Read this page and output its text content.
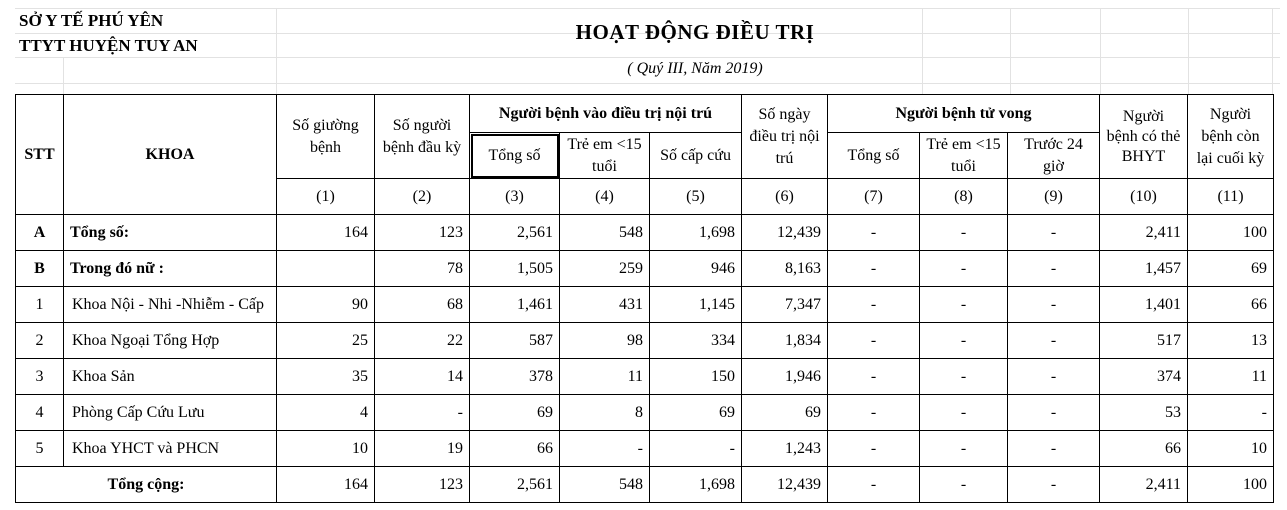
SỞ Y TẾ PHÚ YÊN
TTYT HUYỆN TUY AN
HOẠT ĐỘNG ĐIỀU TRỊ
( Quý III, Năm 2019)
STT	KHOA	Số giường bệnh	Số người bệnh đầu kỳ	Người bệnh vào điều trị nội trú			Số ngày điều trị nội trú	Người bệnh tử vong			Người bệnh có thẻ BHYT	Người bệnh còn lại cuối kỳ
				Tổng số	Trẻ em <15 tuổi	Số cấp cứu		Tổng số	Trẻ em <15 tuổi	Trước 24 giờ		
		(1)	(2)	(3)	(4)	(5)	(6)	(7)	(8)	(9)	(10)	(11)
A	Tổng số:	164	123	2,561	548	1,698	12,439	-	-	-	2,411	100
B	Trong đó nữ :		78	1,505	259	946	8,163	-	-	-	1,457	69
1	Khoa Nội - Nhi -Nhiễm - Cấp	90	68	1,461	431	1,145	7,347	-	-	-	1,401	66
2	Khoa Ngoại Tổng Hợp	25	22	587	98	334	1,834	-	-	-	517	13
3	Khoa Sản	35	14	378	11	150	1,946	-	-	-	374	11
4	Phòng Cấp Cứu Lưu	4	-	69	8	69	69	-	-	-	53	-
5	Khoa YHCT và PHCN	10	19	66	-	-	1,243	-	-	-	66	10
Tổng cộng:		164	123	2,561	548	1,698	12,439	-	-	-	2,411	100
